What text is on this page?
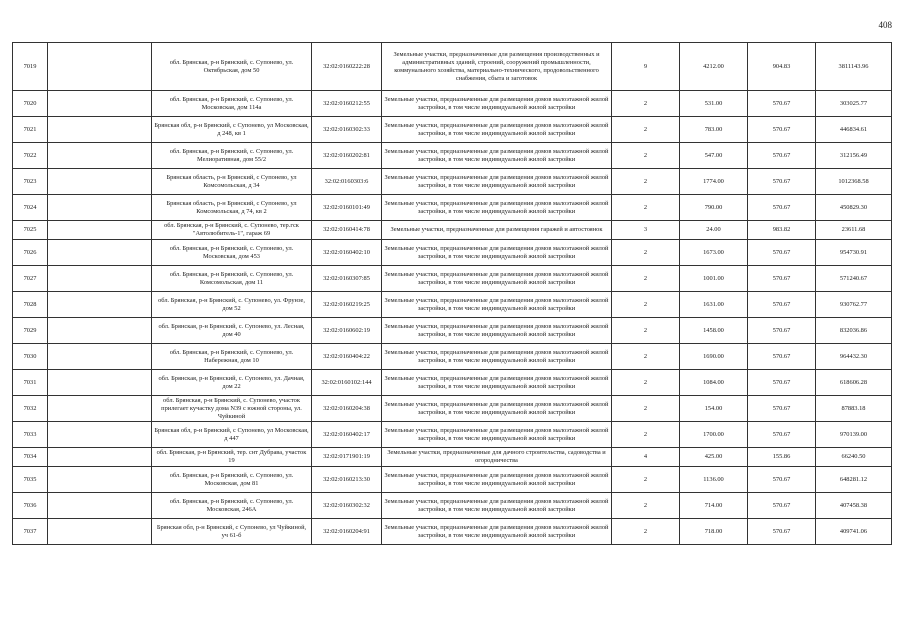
408
7019		обл. Брянская, р-н Брянский, с. Супонево, ул. Октябрьская, дом 50	32:02:0160222:28	Земельные участки, предназначенные для размещения производственных и административных зданий, строений, сооружений промышленности, коммунального хозяйства, материально-технического, продовольственного снабжения, сбыта и заготовок	9	4212.00	904.83	3811143.96
7020		обл. Брянская, р-н Брянский, с. Супонево, ул. Московская, дом 114а	32:02:0160212:55	Земельные участки, предназначенные для размещения домов малоэтажной жилой застройки, в том числе индивидуальной жилой застройки	2	531.00	570.67	303025.77
7021		Брянская обл, р-н Брянский, с Супонево, ул Московская, д 248, кв 1	32:02:0160302:33	Земельные участки, предназначенные для размещения домов малоэтажной жилой застройки, в том числе индивидуальной жилой застройки	2	783.00	570.67	446834.61
7022		обл. Брянская, р-н Брянский, с. Супонево, ул. Мелиоративная, дом 55/2	32:02:0160202:81	Земельные участки, предназначенные для размещения домов малоэтажной жилой застройки, в том числе индивидуальной жилой застройки	2	547.00	570.67	312156.49
7023		Брянская область, р-н Брянский, с Супонево, ул Комсомольская, д 34	32:02:0160303:6	Земельные участки, предназначенные для размещения домов малоэтажной жилой застройки, в том числе индивидуальной жилой застройки	2	1774.00	570.67	1012368.58
7024		Брянская область, р-н Брянский, с Супонево, ул Комсомольская, д 74, кв 2	32:02:0160101:49	Земельные участки, предназначенные для размещения домов малоэтажной жилой застройки, в том числе индивидуальной жилой застройки	2	790.00	570.67	450829.30
7025		обл. Брянская, р-н Брянский, с. Супонево, тер.гск "Автолюбитель-1", гараж 69	32:02:0160414:78	Земельные участки, предназначенные для размещения гаражей и автостоянок	3	24.00	983.82	23611.68
7026		обл. Брянская, р-н Брянский, с. Супонево, ул. Московская, дом 453	32:02:0160402:10	Земельные участки, предназначенные для размещения домов малоэтажной жилой застройки, в том числе индивидуальной жилой застройки	2	1673.00	570.67	954730.91
7027		обл. Брянская, р-н Брянский, с. Супонево, ул. Комсомольская, дом 11	32:02:0160307:85	Земельные участки, предназначенные для размещения домов малоэтажной жилой застройки, в том числе индивидуальной жилой застройки	2	1001.00	570.67	571240.67
7028		обл. Брянская, р-н Брянский, с. Супонево, ул. Фрунзе, дом 52	32:02:0160219:25	Земельные участки, предназначенные для размещения домов малоэтажной жилой застройки, в том числе индивидуальной жилой застройки	2	1631.00	570.67	930762.77
7029		обл. Брянская, р-н Брянский, с. Супонево, ул. Лесная, дом 40	32:02:0160602:19	Земельные участки, предназначенные для размещения домов малоэтажной жилой застройки, в том числе индивидуальной жилой застройки	2	1458.00	570.67	832036.86
7030		обл. Брянская, р-н Брянский, с. Супонево, ул. Набережная, дом 10	32:02:0160404:22	Земельные участки, предназначенные для размещения домов малоэтажной жилой застройки, в том числе индивидуальной жилой застройки	2	1690.00	570.67	964432.30
7031		обл. Брянская, р-н Брянский, с. Супонево, ул. Дачная, дом 22	32:02:0160102:144	Земельные участки, предназначенные для размещения домов малоэтажной жилой застройки, в том числе индивидуальной жилой застройки	2	1084.00	570.67	618606.28
7032		обл. Брянская, р-н Брянский, с. Супонево, участок прилегает кучастку дома N39 с южной стороны, ул. Чуйкиной	32:02:0160204:38	Земельные участки, предназначенные для размещения домов малоэтажной жилой застройки, в том числе индивидуальной жилой застройки	2	154.00	570.67	87883.18
7033		Брянская обл, р-н Брянский, с Супонево, ул Московская, д 447	32:02:0160402:17	Земельные участки, предназначенные для размещения домов малоэтажной жилой застройки, в том числе индивидуальной жилой застройки	2	1700.00	570.67	970139.00
7034		обл. Брянская, р-н Брянский, тер. снт Дубрава, участок 19	32:02:0171901:19	Земельные участки, предназначенные для дачного строительства, садоводства и огородничества	4	425.00	155.86	66240.50
7035		обл. Брянская, р-н Брянский, с. Супонево, ул. Московская, дом 81	32:02:0160213:30	Земельные участки, предназначенные для размещения домов малоэтажной жилой застройки, в том числе индивидуальной жилой застройки	2	1136.00	570.67	648281.12
7036		обл. Брянская, р-н Брянский, с. Супонево, ул. Московская, 246А	32:02:0160302:32	Земельные участки, предназначенные для размещения домов малоэтажной жилой застройки, в том числе индивидуальной жилой застройки	2	714.00	570.67	407458.38
7037		Брянская обл, р-н Брянский, с Супонево, ул Чуйкиной, уч 61-б	32:02:0160204:91	Земельные участки, предназначенные для размещения домов малоэтажной жилой застройки, в том числе индивидуальной жилой застройки	2	718.00	570.67	409741.06
